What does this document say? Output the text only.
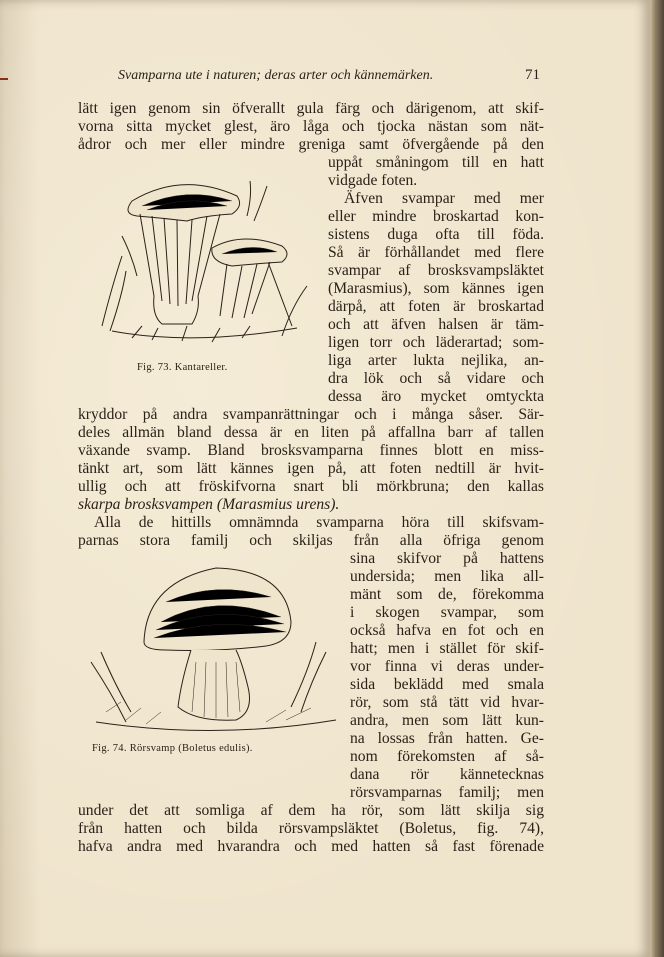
Svamparna ute i naturen; deras arter och kännemärken.	71
Fig. 73. Kantareller.
Fig. 74. Rörsvamp (Boletus edulis).
lätt igen genom sin öfverallt gula färg och därigenom, att skif-
vorna sitta mycket glest, äro låga och tjocka nästan som nät-
ådror och mer eller mindre greniga samt öfvergående på den
uppåt småningom till en hatt
vidgade foten.
Äfven svampar med mer
eller mindre broskartad kon-
sistens duga ofta till föda.
Så är förhållandet med flere
svampar af brosksvampsläktet
(Marasmius), som kännes igen
därpå, att foten är broskartad
och att äfven halsen är täm-
ligen torr och läderartad; som-
liga arter lukta nejlika, an-
dra lök och så vidare och
dessa äro mycket omtyckta
kryddor på andra svampanrättningar och i många såser. Sär-
deles allmän bland dessa är en liten på affallna barr af tallen
växande svamp. Bland brosksvamparna finnes blott en miss-
tänkt art, som lätt kännes igen på, att foten nedtill är hvit-
ullig och att fröskifvorna snart bli mörkbruna; den kallas
skarpa brosksvampen (Marasmius urens).
Alla de hittills omnämnda svamparna höra till skifsvam-
parnas stora familj och skiljas från alla öfriga genom
sina skifvor på hattens
undersida; men lika all-
mänt som de, förekomma
i skogen svampar, som
också hafva en fot och en
hatt; men i stället för skif-
vor finna vi deras under-
sida beklädd med smala
rör, som stå tätt vid hvar-
andra, men som lätt kun-
na lossas från hatten. Ge-
nom förekomsten af så-
dana rör kännetecknas
rörsvamparnas familj; men
under det att somliga af dem ha rör, som lätt skilja sig
från hatten och bilda rörsvampsläktet (Boletus, fig. 74),
hafva andra med hvarandra och med hatten så fast förenade
